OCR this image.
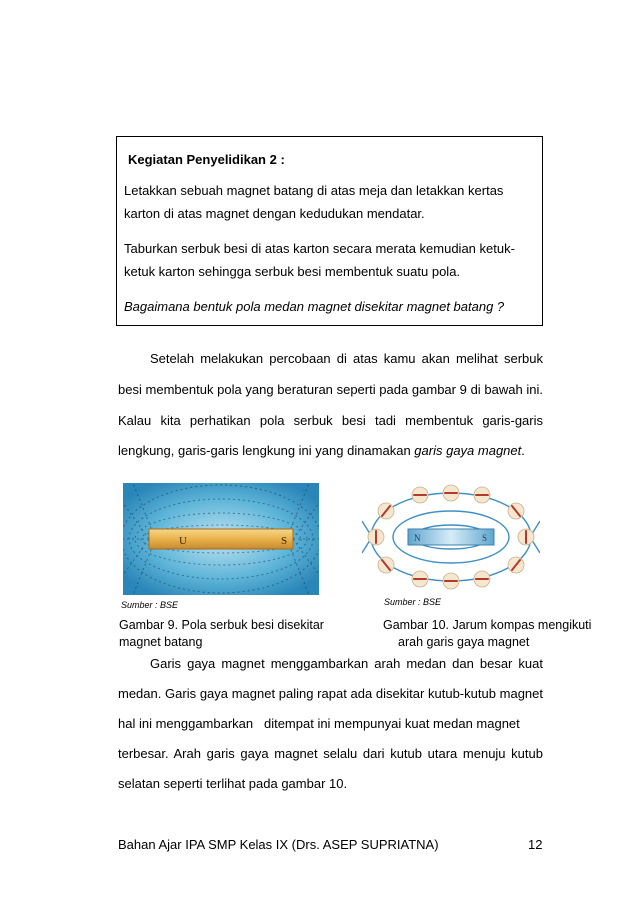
Kegiatan Penyelidikan 2 :
Letakkan sebuah magnet batang di atas meja dan letakkan kertas
karton di atas magnet dengan kedudukan mendatar.
Taburkan serbuk besi di atas karton secara merata kemudian ketuk-
ketuk karton sehingga serbuk besi membentuk suatu pola.
Bagaimana bentuk pola medan magnet disekitar magnet batang ?
Setelah melakukan percobaan di atas kamu akan melihat serbuk
besi membentuk pola yang beraturan seperti pada gambar 9 di bawah ini.
Kalau kita perhatikan pola serbuk besi tadi membentuk garis-garis
lengkung, garis-garis lengkung ini yang dinamakan garis gaya magnet.
U	S
Sumber : BSE
Gambar 9. Pola serbuk besi disekitar
magnet batang
N	S
Sumber : BSE
Gambar 10. Jarum kompas mengikuti
arah garis gaya magnet
Garis gaya magnet menggambarkan arah medan dan besar kuat
medan. Garis gaya magnet paling rapat ada disekitar kutub-kutub magnet
hal ini menggambarkan   ditempat ini mempunyai kuat medan magnet
terbesar. Arah garis gaya magnet selalu dari kutub utara menuju kutub
selatan seperti terlihat pada gambar 10.
Bahan Ajar IPA SMP Kelas IX (Drs. ASEP SUPRIATNA)	12
